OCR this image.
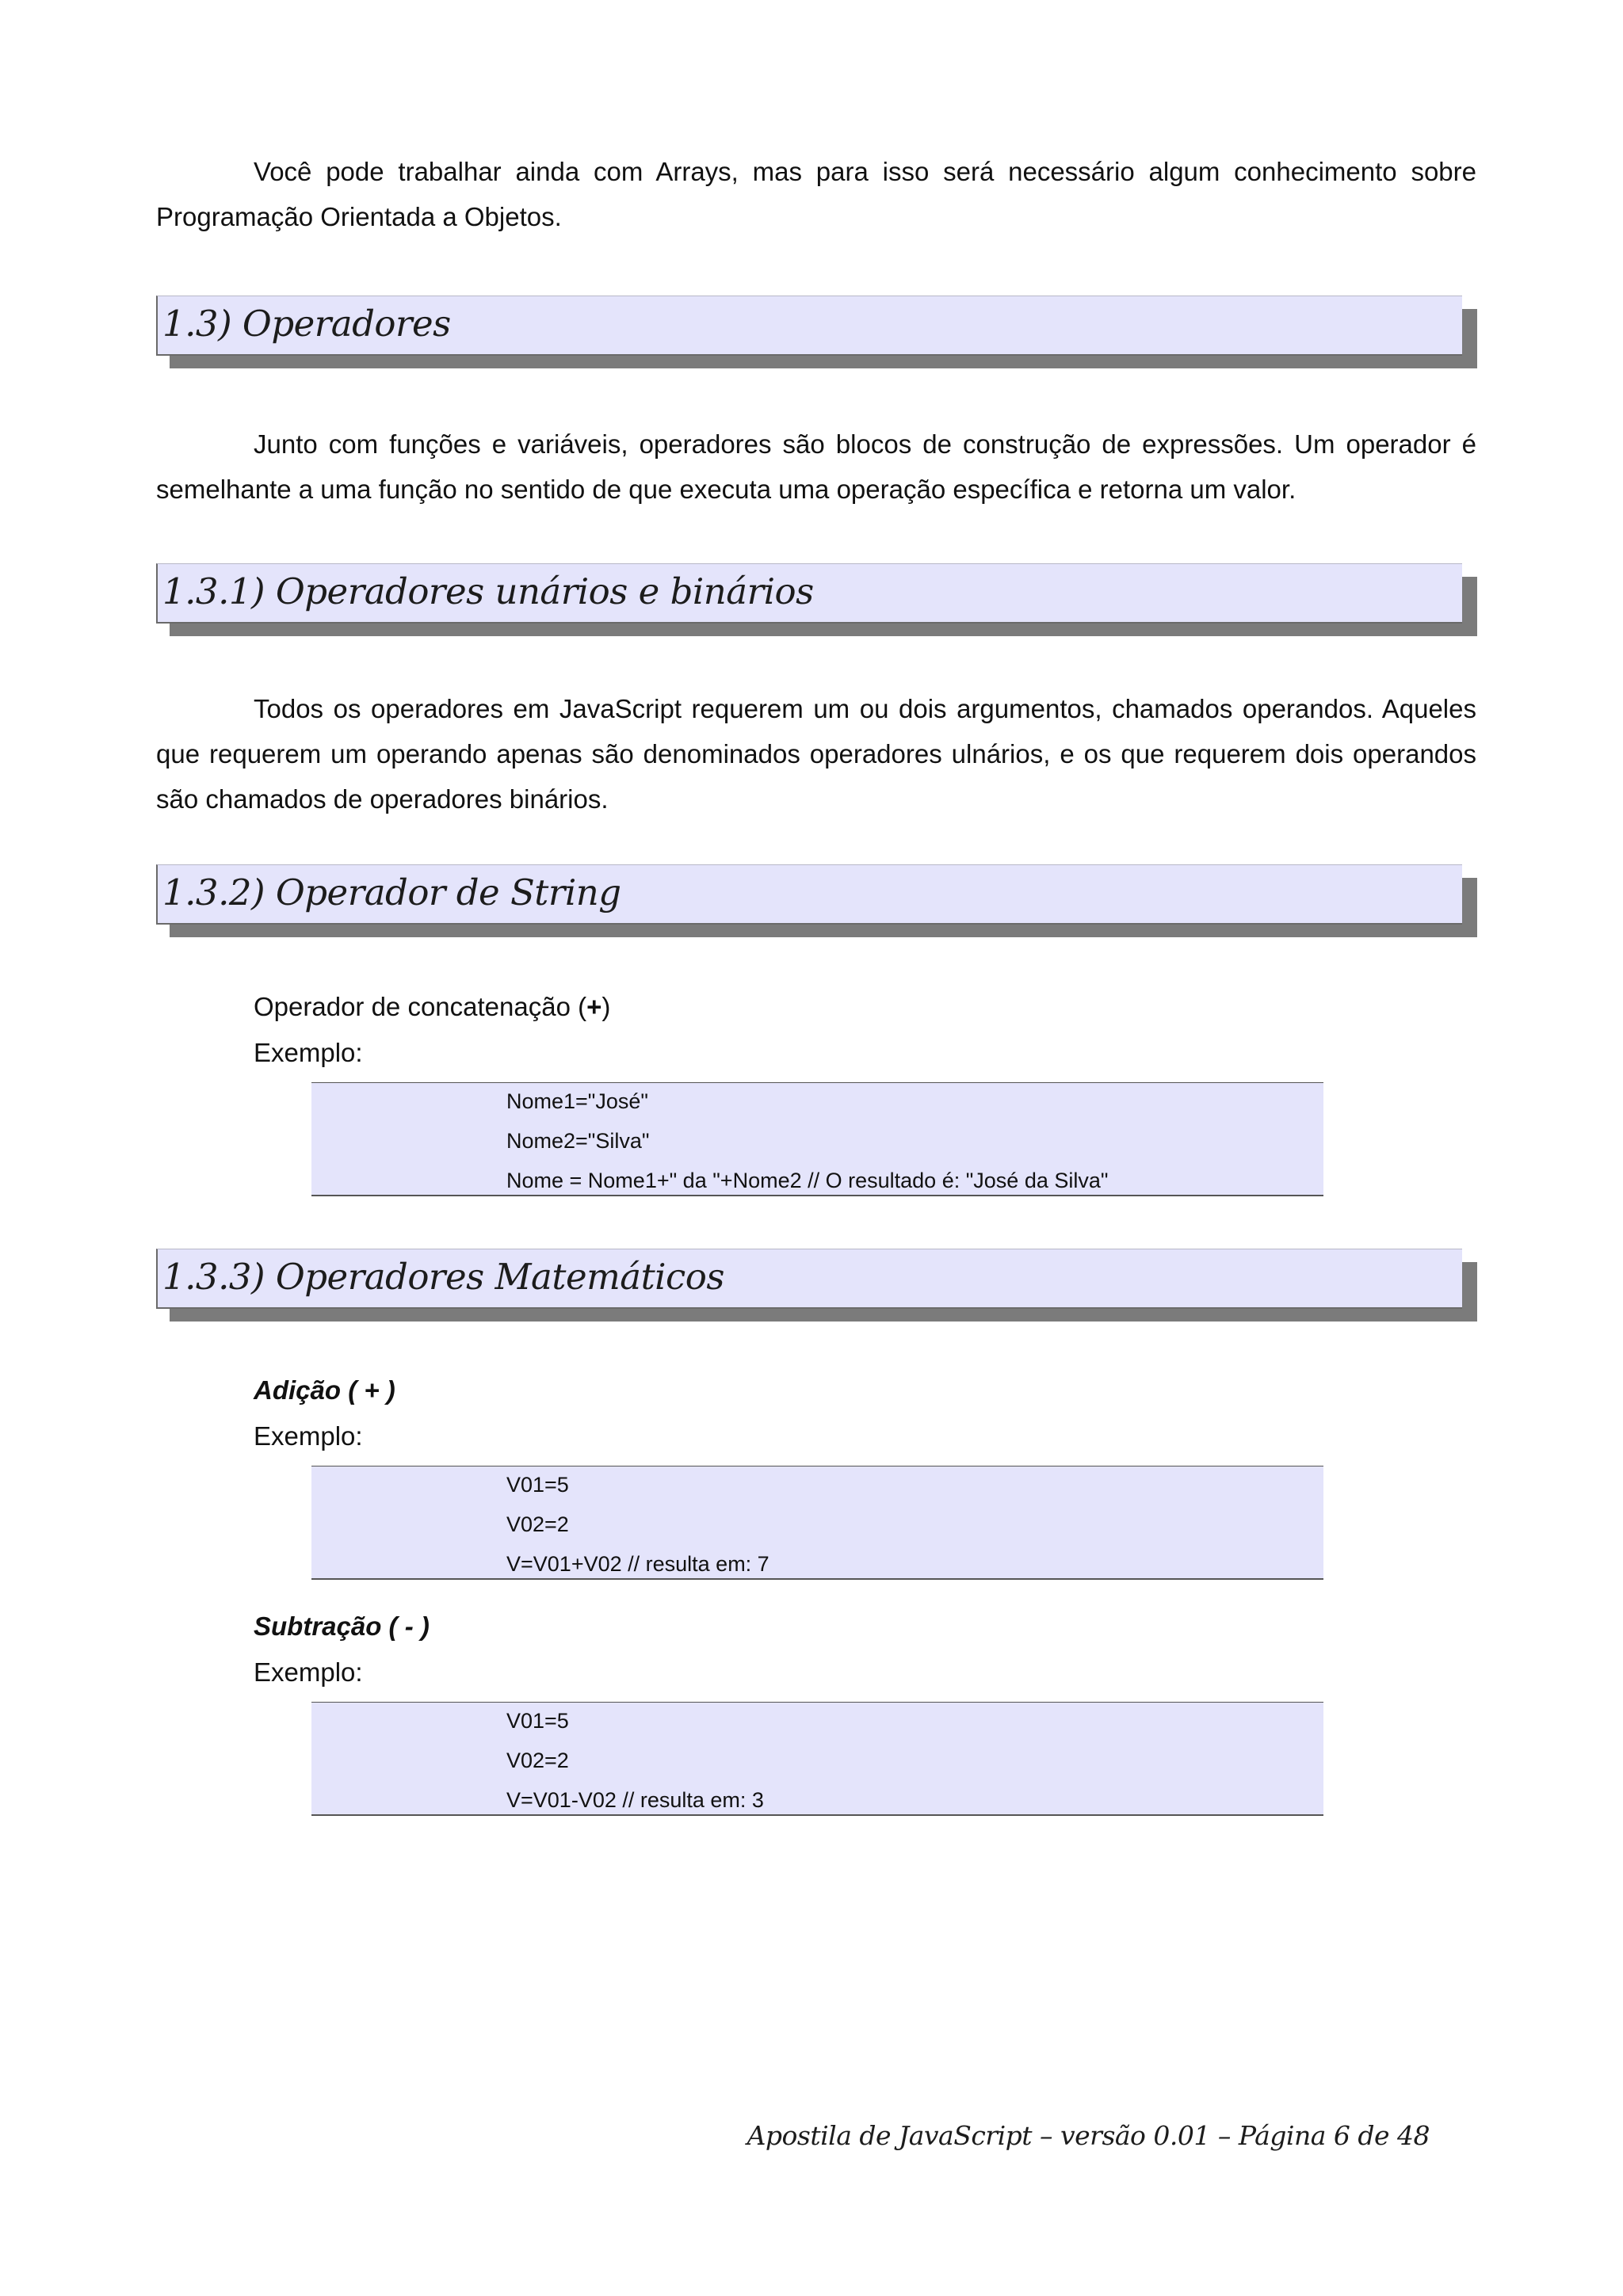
Você pode trabalhar ainda com Arrays, mas para isso será necessário algum conhecimento sobre Programação Orientada a Objetos.

1.3) Operadores

Junto com funções e variáveis, operadores são blocos de construção de expressões. Um operador é semelhante a uma função no sentido de que executa uma operação específica e retorna um valor.

1.3.1) Operadores unários e binários

Todos os operadores em JavaScript requerem um ou dois argumentos, chamados operandos. Aqueles que requerem um operando apenas são denominados operadores ulnários, e os que requerem dois operandos são chamados de operadores binários.

1.3.2) Operador de String

Operador de concatenação (+)

Exemplo:

Nome1="José"
Nome2="Silva"
Nome = Nome1+" da "+Nome2 // O resultado é: "José da Silva"
1.3.3) Operadores Matemáticos

Adição ( + )

Exemplo:

V01=5
V02=2
V=V01+V02 // resulta em: 7

Subtração ( - )

Exemplo:

V01=5
V02=2
V=V01-V02 // resulta em: 3
Apostila de JavaScript – versão 0.01 – Página 6 de 48
